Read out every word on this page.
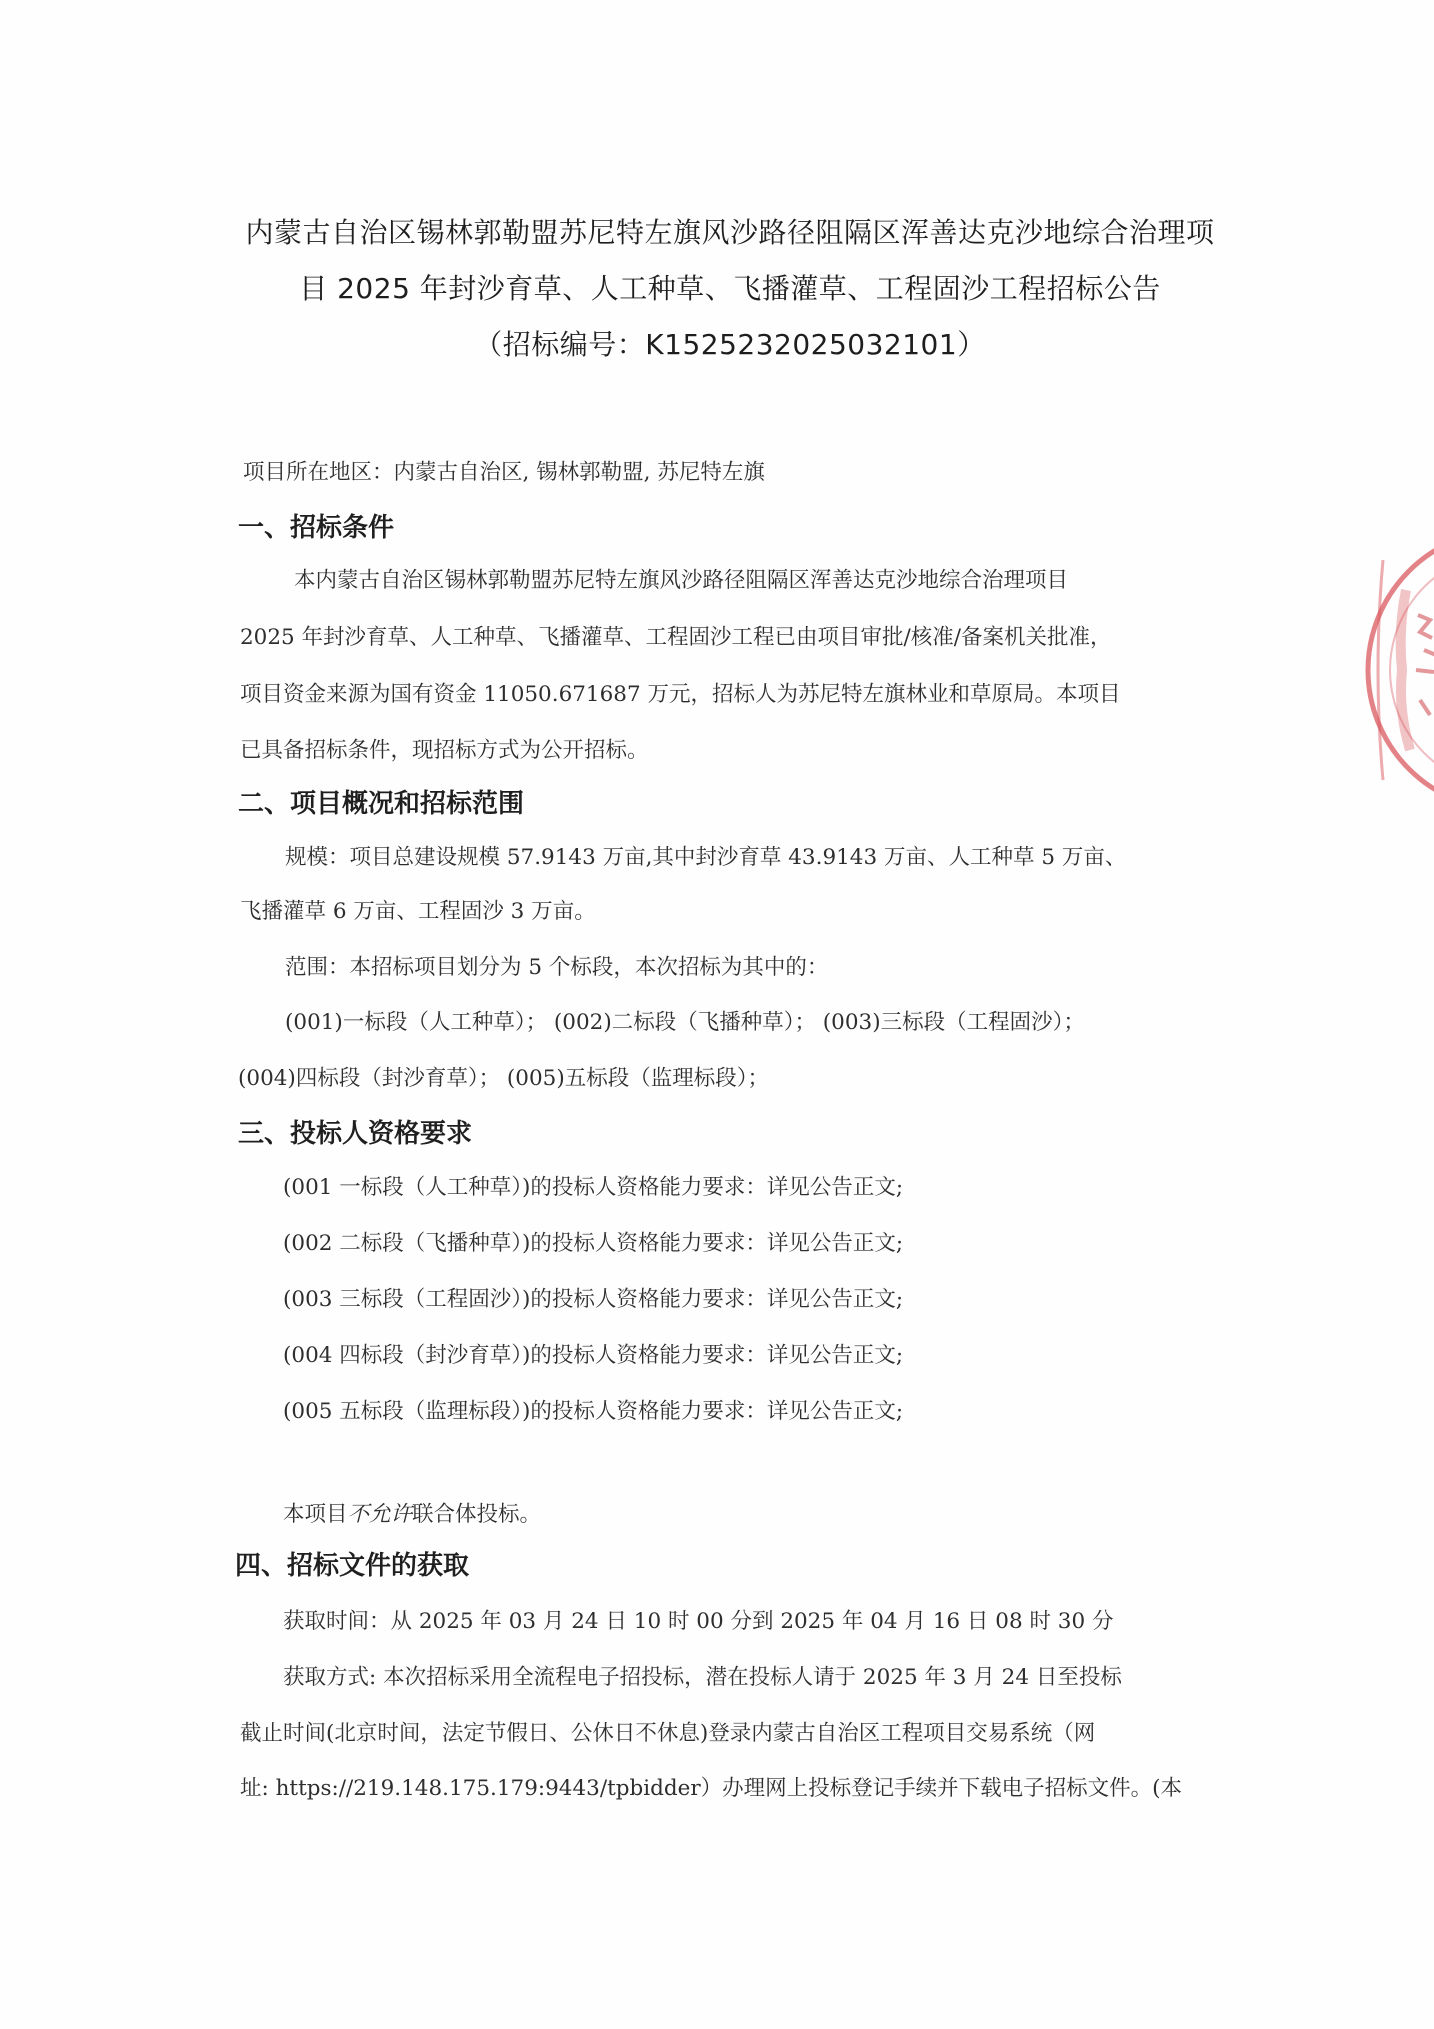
内蒙古自治区锡林郭勒盟苏尼特左旗风沙路径阻隔区浑善达克沙地综合治理项
目 2025 年封沙育草、人工种草、飞播灌草、工程固沙工程招标公告
（招标编号：K1525232025032101）
项目所在地区：内蒙古自治区, 锡林郭勒盟, 苏尼特左旗
一、招标条件
本内蒙古自治区锡林郭勒盟苏尼特左旗风沙路径阻隔区浑善达克沙地综合治理项目
2025 年封沙育草、人工种草、飞播灌草、工程固沙工程已由项目审批/核准/备案机关批准，
项目资金来源为国有资金 11050.671687 万元，招标人为苏尼特左旗林业和草原局。本项目
已具备招标条件，现招标方式为公开招标。
二、项目概况和招标范围
规模：项目总建设规模 57.9143 万亩,其中封沙育草 43.9143 万亩、人工种草 5 万亩、
飞播灌草 6 万亩、工程固沙 3 万亩。
范围：本招标项目划分为 5 个标段，本次招标为其中的：
(001)一标段（人工种草）； (002)二标段（飞播种草）； (003)三标段（工程固沙）；
(004)四标段（封沙育草）； (005)五标段（监理标段）；
三、投标人资格要求
(001 一标段（人工种草）)的投标人资格能力要求：详见公告正文;
(002 二标段（飞播种草）)的投标人资格能力要求：详见公告正文;
(003 三标段（工程固沙）)的投标人资格能力要求：详见公告正文;
(004 四标段（封沙育草）)的投标人资格能力要求：详见公告正文;
(005 五标段（监理标段）)的投标人资格能力要求：详见公告正文;
本项目不允许联合体投标。
四、招标文件的获取
获取时间：从 2025 年 03 月 24 日 10 时 00 分到 2025 年 04 月 16 日 08 时 30 分
获取方式: 本次招标采用全流程电子招投标，潜在投标人请于 2025 年 3 月 24 日至投标
截止时间(北京时间，法定节假日、公休日不休息)登录内蒙古自治区工程项目交易系统（网
址: https://219.148.175.179:9443/tpbidder）办理网上投标登记手续并下载电子招标文件。(本
